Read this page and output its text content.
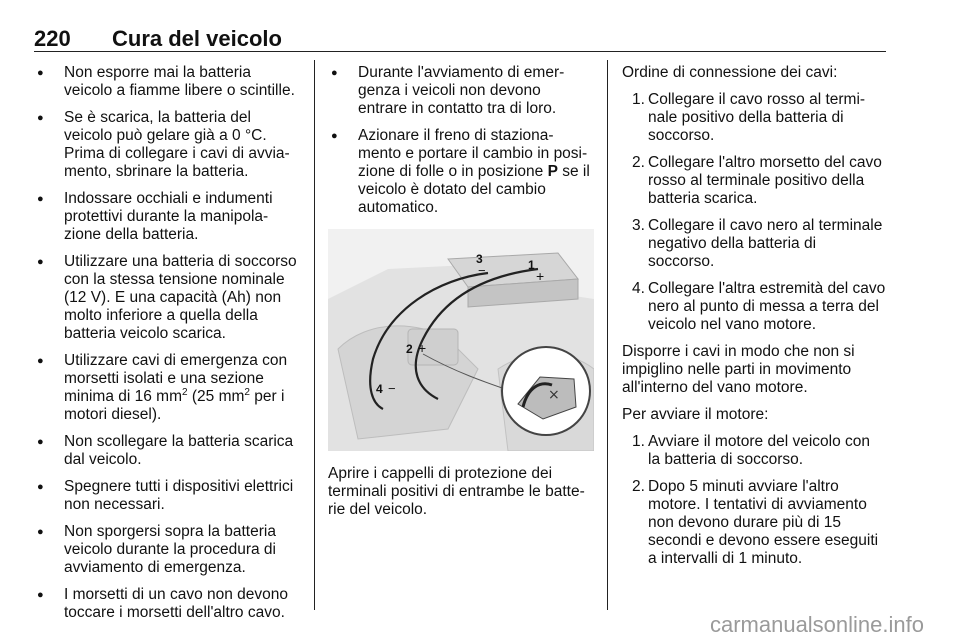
220 Cura del veicolo
● Non esporre mai la batteria veicolo a fiamme libere o scintille.
● Se è scarica, la batteria del veicolo può gelare già a 0 °C. Prima di collegare i cavi di avvia-mento, sbrinare la batteria.
● Indossare occhiali e indumenti protettivi durante la manipola-zione della batteria.
● Utilizzare una batteria di soccorso con la stessa tensione nominale (12 V). E una capacità (Ah) non molto inferiore a quella della batteria veicolo scarica.
● Utilizzare cavi di emergenza con morsetti isolati e una sezione minima di 16 $mm^2$ (25 $mm^2$ per i motori diesel).
● Non scollegare la batteria scarica dal veicolo.
● Spegnere tutti i dispositivi elettrici non necessari.
● Non sporgersi sopra la batteria veicolo durante la procedura di avviamento di emergenza.
● I morsetti di un cavo non devono toccare i morsetti dell'altro cavo.
● Durante l'avviamento di emer-genza i veicoli non devono entrare in contatto tra di loro.
● Azionare il freno di staziona-mento e portare il cambio in posi-zione di folle o in posizione P se il veicolo è dotato del cambio automatico.
×
3
−	1
+
2 +
4 −

Aprire i cappelli di protezione dei terminali positivi di entrambe le batte-rie del veicolo.

Ordine di connessione dei cavi:

1. Collegare il cavo rosso al termi-nale positivo della batteria di soccorso.
2. Collegare l'altro morsetto del cavo rosso al terminale positivo della batteria scarica.
3. Collegare il cavo nero al terminale negativo della batteria di soccorso.
4. Collegare l'altra estremità del cavo nero al punto di messa a terra del veicolo nel vano motore.

Disporre i cavi in modo che non si impiglino nelle parti in movimento all'interno del vano motore.

Per avviare il motore:

1. Avviare il motore del veicolo con la batteria di soccorso.
2. Dopo 5 minuti avviare l'altro motore. I tentativi di avviamento non devono durare più di 15 secondi e devono essere eseguiti a intervalli di 1 minuto.
carmanualsonline.info
